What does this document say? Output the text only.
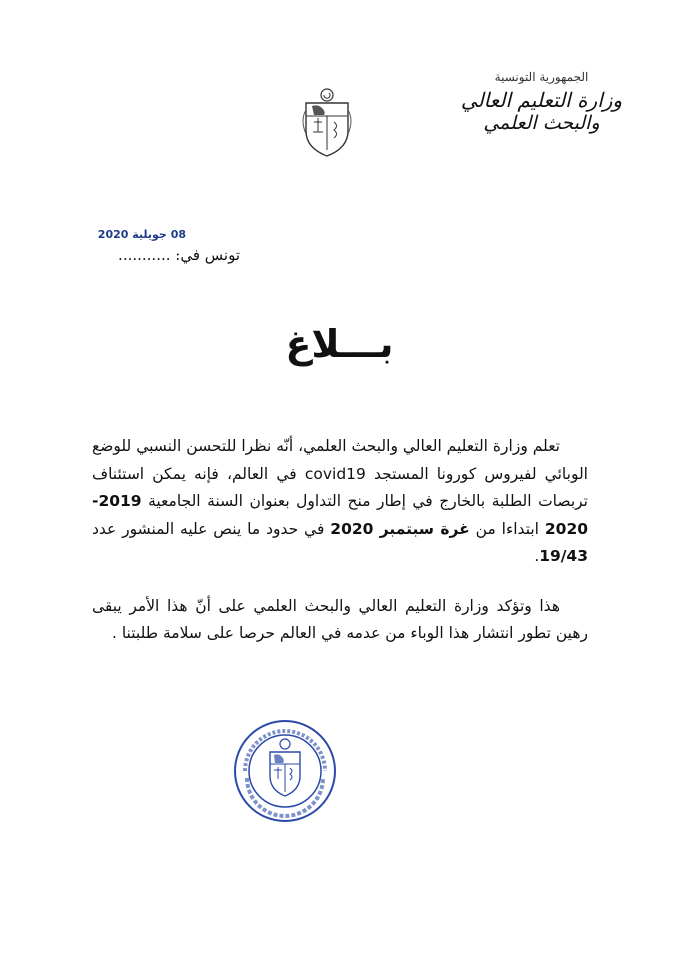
الجمهورية التونسية
وزارة التعليم العالي
والبحث العلمي
08 جويلية 2020
تونس في: ...........
بـــلاغ

تعلم وزارة التعليم العالي والبحث العلمي، أنّه نظرا للتحسن النسبي للوضع الوبائي لفيروس كورونا المستجد covid19 في العالم، فإنه يمكن استئناف تربصات الطلبة بالخارج في إطار منح التداول بعنوان السنة الجامعية 2019-2020 ابتداءا من غرة سبتمبر 2020 في حدود ما ينص عليه المنشور عدد 19/43.

هذا وتؤكد وزارة التعليم العالي والبحث العلمي على أنّ هذا الأمر يبقى رهين تطور انتشار هذا الوباء من عدمه في العالم حرصا على سلامة طلبتنا .
